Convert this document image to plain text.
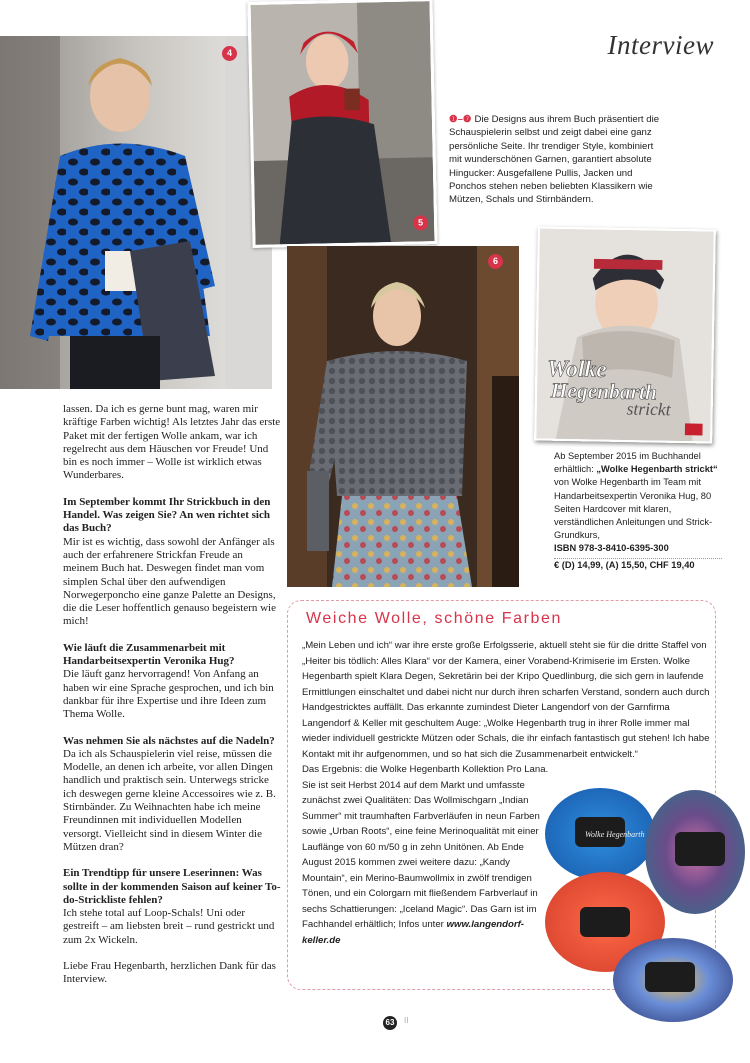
Interview
4
5
❶–❼ Die Designs aus ihrem Buch präsentiert die Schauspielerin selbst und zeigt dabei eine ganz persönliche Seite. Ihr trendiger Style, kombiniert mit wunderschönen Garnen, garantiert absolute Hingucker: Ausgefallene Pullis, Jacken und Ponchos stehen neben beliebten Klassikern wie Mützen, Schals und Stirnbändern.
6
Wolke
Hegenbarth
strickt
Ab September 2015 im Buchhandel erhältlich: „Wolke Hegenbarth strickt“ von Wolke Hegenbarth im Team mit Handarbeitsexpertin Veronika Hug, 80 Seiten Hardcover mit klaren, verständlichen Anleitungen und Strick-Grundkurs,
ISBN 978-3-8410-6395-300
€ (D) 14,99, (A) 15,50, CHF 19,40

lassen. Da ich es gerne bunt mag, waren mir kräftige Farben wichtig! Als letztes Jahr das erste Paket mit der fertigen Wolle ankam, war ich regelrecht aus dem Häuschen vor Freude! Und bin es noch immer – Wolle ist wirklich etwas Wunderbares.

Im September kommt Ihr Strickbuch in den Handel. Was zeigen Sie? An wen richtet sich das Buch?

Mir ist es wichtig, dass sowohl der Anfänger als auch der erfahrenere Strickfan Freude an meinem Buch hat. Deswegen findet man vom simplen Schal über den aufwendigen Norwegerponcho eine ganze Palette an Designs, die die Leser hoffentlich genauso begeistern wie mich!

Wie läuft die Zusammenarbeit mit Handarbeitsexpertin Veronika Hug?

Die läuft ganz hervorragend! Von Anfang an haben wir eine Sprache gesprochen, und ich bin dankbar für ihre Expertise und ihre Ideen zum Thema Wolle.

Was nehmen Sie als nächstes auf die Nadeln?

Da ich als Schauspielerin viel reise, müssen die Modelle, an denen ich arbeite, vor allen Dingen handlich und praktisch sein. Unterwegs stricke ich deswegen gerne kleine Accessoires wie z. B. Stirnbänder. Zu Weihnachten habe ich meine Freundinnen mit individuellen Modellen versorgt. Vielleicht sind in diesem Winter die Mützen dran?

Ein Trendtipp für unsere Leserinnen: Was sollte in der kommenden Saison auf keiner To-do-Strickliste fehlen?

Ich stehe total auf Loop-Schals! Uni oder gestreift – am liebsten breit – rund gestrickt und zum 2x Wickeln.

Liebe Frau Hegenbarth, herzlichen Dank für das Interview.

Weiche Wolle, schöne Farben
„Mein Leben und ich“ war ihre erste große Erfolgsserie, aktuell steht sie für die dritte Staffel von „Heiter bis tödlich: Alles Klara“ vor der Kamera, einer Vorabend-Krimiserie im Ersten. Wolke Hegenbarth spielt Klara Degen, Sekretärin bei der Kripo Quedlinburg, die sich gern in laufende Ermittlungen einschaltet und dabei nicht nur durch ihren scharfen Verstand, sondern auch durch Handgestricktes auffällt. Das erkannte zumindest Dieter Langendorf von der Garnfirma Langendorf & Keller mit geschultem Auge: „Wolke Hegenbarth trug in ihrer Rolle immer mal wieder individuell gestrickte Mützen oder Schals, die ihr einfach fantastisch gut stehen! Ich habe Kontakt mit ihr aufgenommen, und so hat sich die Zusammenarbeit entwickelt.“
Das Ergebnis: die Wolke Hegenbarth Kollektion Pro Lana. Sie ist seit Herbst 2014 auf dem Markt und umfasste zunächst zwei Qualitäten: Das Wollmischgarn „Indian Summer“ mit traumhaften Farbverläufen in neun Farben sowie „Urban Roots“, eine feine Merinoqualität mit einer Lauflänge von 60 m/50 g in zehn Unitönen. Ab Ende August 2015 kommen zwei weitere dazu: „Kandy Mountain“, ein Merino-Baumwollmix in zwölf trendigen Tönen, und ein Colorgarn mit fließendem Farbverlauf in sechs Schattierungen: „Iceland Magic“. Das Garn ist im Fachhandel erhältlich; Infos unter www.langendorf-keller.de
Wolke Hegenbarth
63	II
